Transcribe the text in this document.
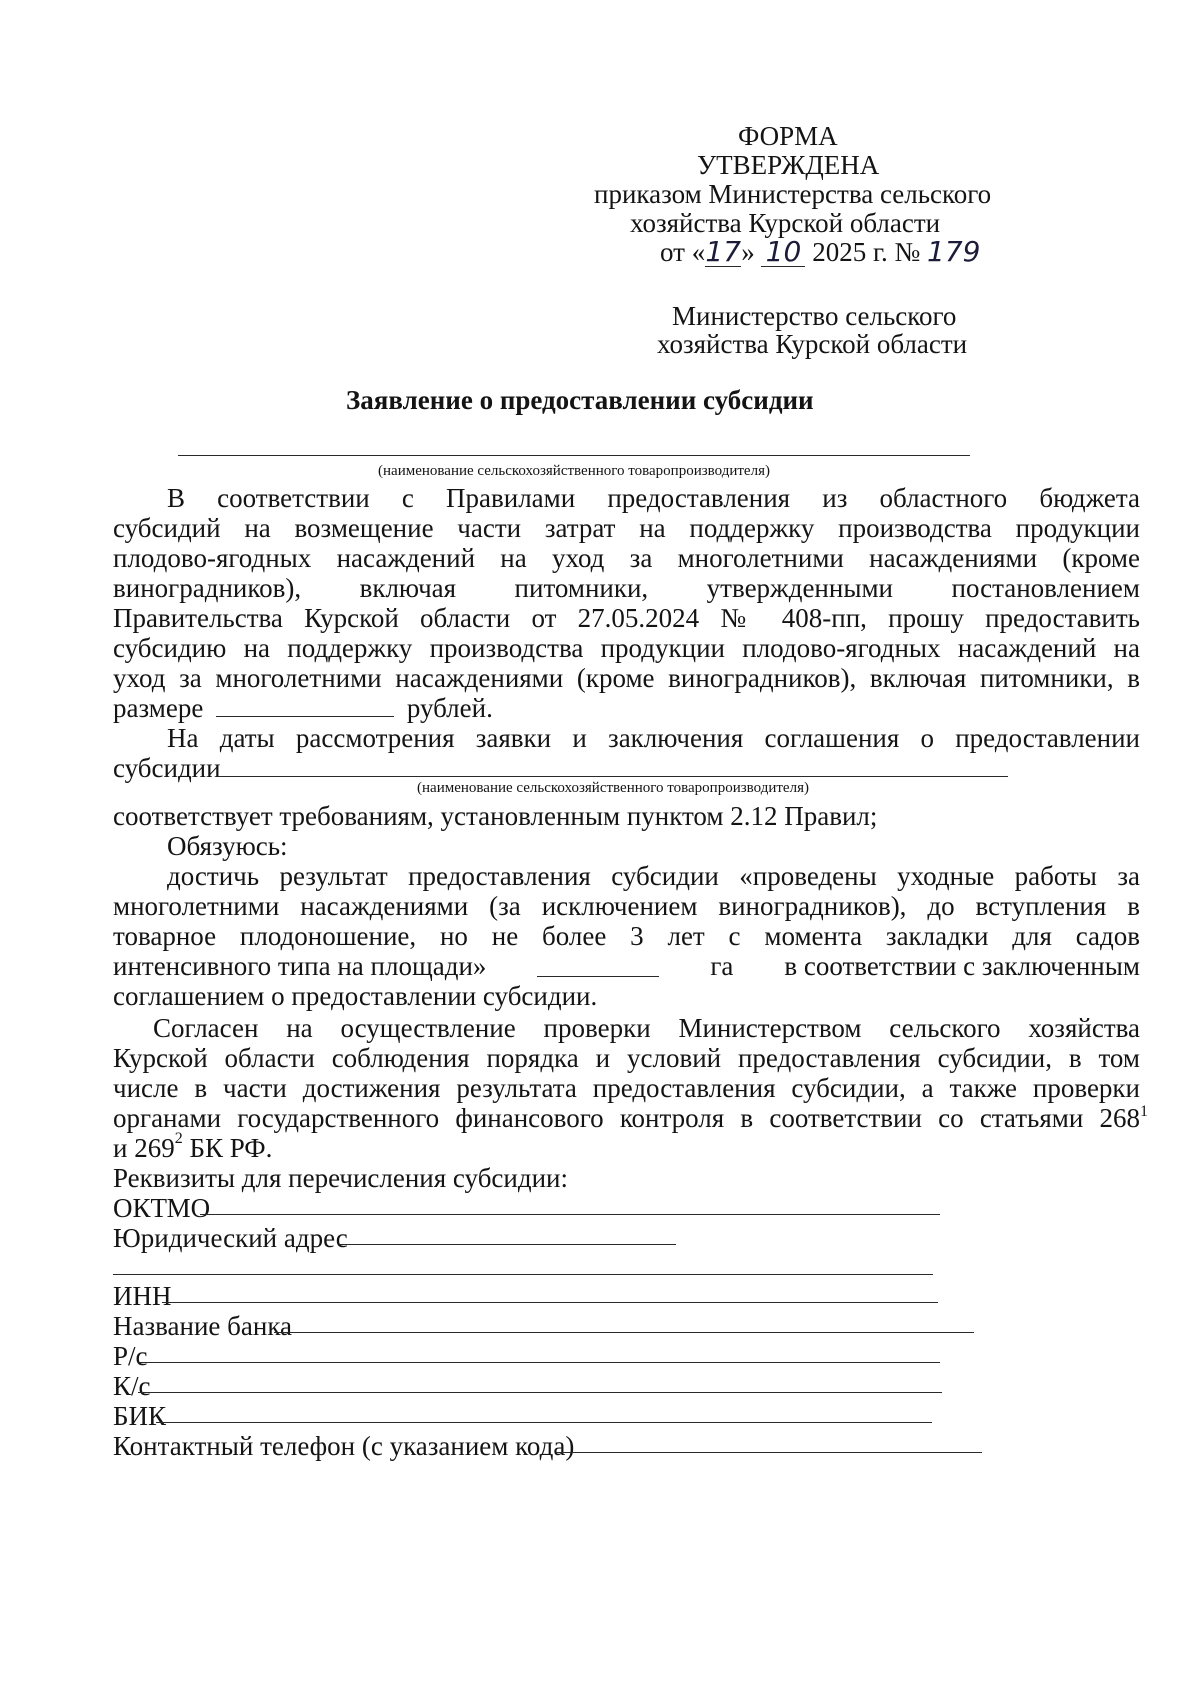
ФОРМА
УТВЕРЖДЕНА
приказом Министерства сельского
хозяйства Курской области
от «17» 10 2025 г. № 179
Министерство сельского
хозяйства Курской области
Заявление о предоставлении субсидии
(наименование сельскохозяйственного товаропроизводителя)
В соответствии с Правилами предоставления из областного бюджета
субсидий на возмещение части затрат на поддержку производства продукции
плодово-ягодных насаждений на уход за многолетними насаждениями (кроме
виноградников), включая питомники, утвержденными постановлением
Правительства Курской области от 27.05.2024 № 408-пп, прошу предоставить
субсидию на поддержку производства продукции плодово-ягодных насаждений на
уход за многолетними насаждениями (кроме виноградников), включая питомники, в
размере	рублей.
На даты рассмотрения заявки и заключения соглашения о предоставлении
субсидии
(наименование сельскохозяйственного товаропроизводителя)
соответствует требованиям, установленным пунктом 2.12 Правил;
Обязуюсь:
достичь результат предоставления субсидии «проведены уходные работы за
многолетними насаждениями (за исключением виноградников), до вступления в
товарное плодоношение, но не более 3 лет с момента закладки для садов
интенсивного типа на площади»	га в соответствии с заключенным
соглашением о предоставлении субсидии.
Согласен на осуществление проверки Министерством сельского хозяйства
Курской области соблюдения порядка и условий предоставления субсидии, в том
числе в части достижения результата предоставления субсидии, а также проверки
органами государственного финансового контроля в соответствии со статьями 268 1
и $269^2$ БК РФ.
Реквизиты для перечисления субсидии:
ОКТМО
Юридический адрес
ИНН
Название банка
Р/с
К/с
БИК
Контактный телефон (с указанием кода)
